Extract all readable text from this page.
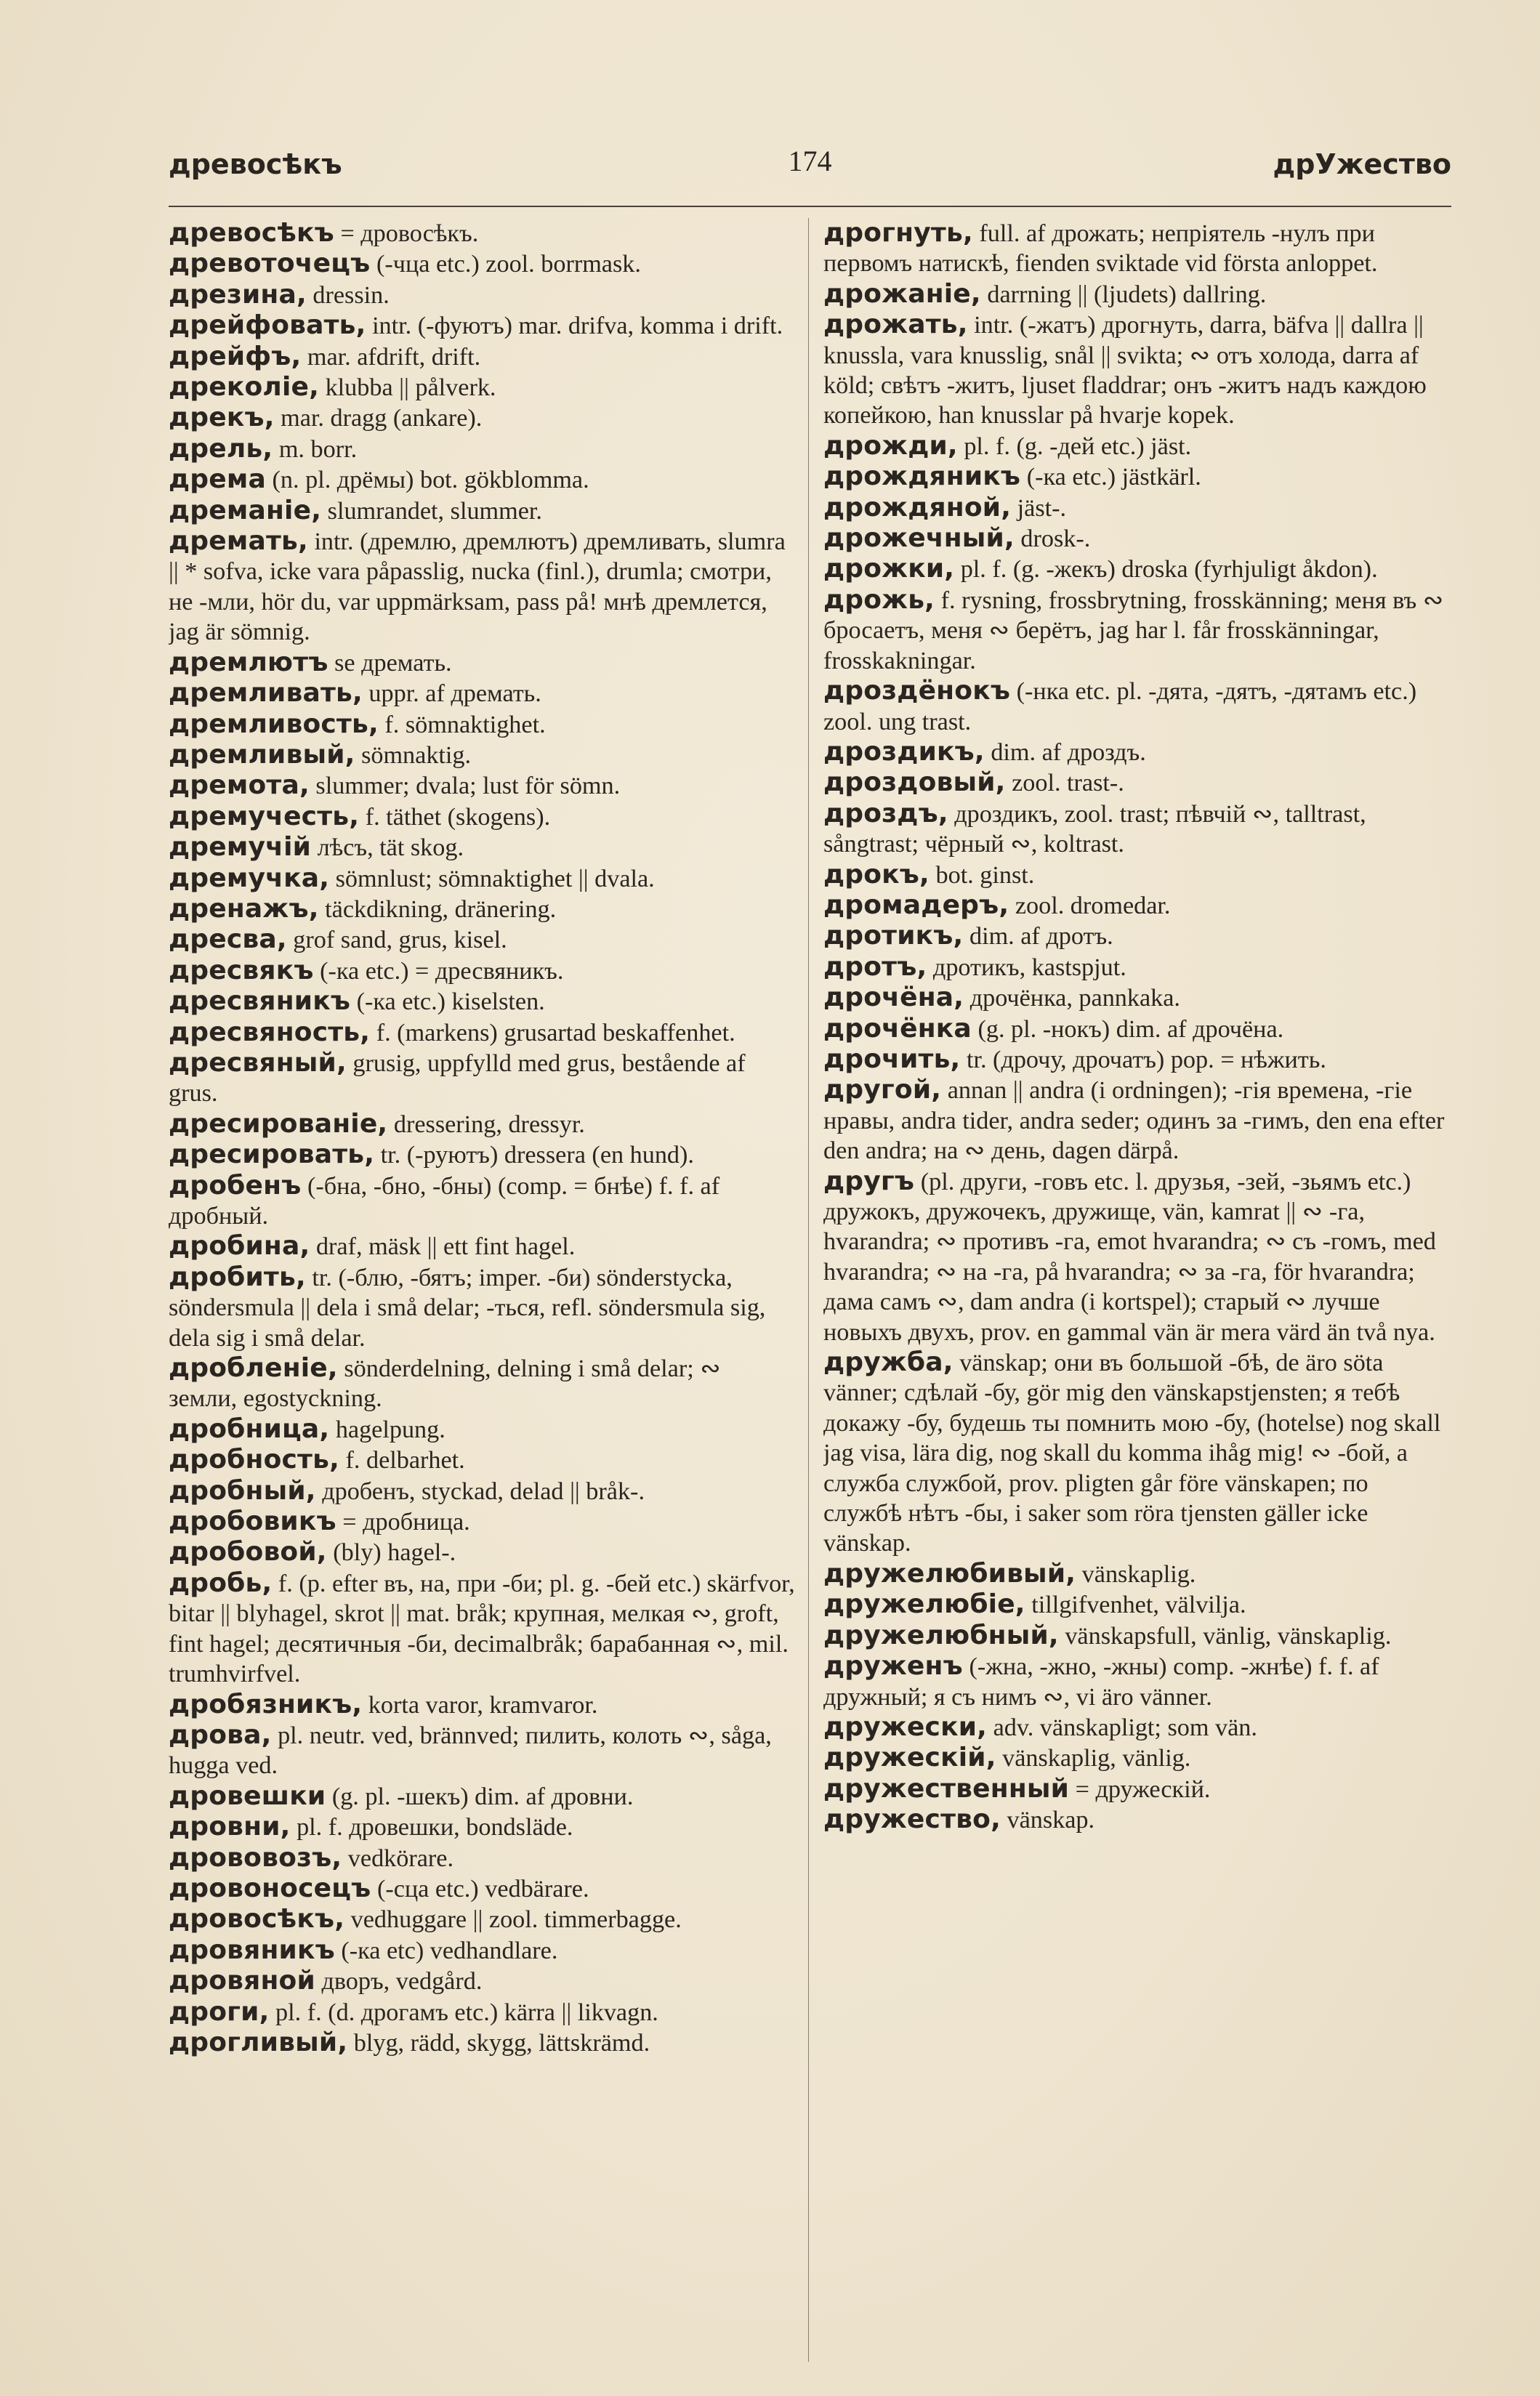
древосѣкъ	174	дрУжество

древосѣкъ = дровосѣкъ.

древоточецъ (-чца etc.) zool. borrmask.

дрезина, dressin.

дрейфовать, intr. (-фуютъ) mar. drifva, komma i drift.

дрейфъ, mar. afdrift, drift.

дреколіе, klubba || pålverk.

дрекъ, mar. dragg (ankare).

дрель, m. borr.

дрема (n. pl. дрёмы) bot. gökblomma.

дреманіе, slumrandet, slummer.

дремать, intr. (дремлю, дремлютъ) дремливать, slumra || * sofva, icke vara påpasslig, nucka (finl.), drumla; смотри, не -мли, hör du, var uppmärksam, pass på! мнѣ дремлется, jag är sömnig.

дремлютъ se дремать.

дремливать, uppr. af дремать.

дремливость, f. sömnaktighet.

дремливый, sömnaktig.

дремота, slummer; dvala; lust för sömn.

дремучесть, f. täthet (skogens).

дремучій лѣсъ, tät skog.

дремучка, sömnlust; sömnaktighet || dvala.

дренажъ, täckdikning, dränering.

дресва, grof sand, grus, kisel.

дресвякъ (-ка etc.) = дресвяникъ.

дресвяникъ (-ка etc.) kiselsten.

дресвяность, f. (markens) grusartad beskaffenhet.

дресвяный, grusig, uppfylld med grus, bestående af grus.

дресированіе, dressering, dressyr.

дресировать, tr. (-руютъ) dressera (en hund).

дробенъ (-бна, -бно, -бны) (comp. = бнѣе) f. f. af дробный.

дробина, draf, mäsk || ett fint hagel.

дробить, tr. (-блю, -бятъ; imper. -би) sönderstycka, söndersmula || dela i små delar; -ться, refl. söndersmula sig, dela sig i små delar.

дробленіе, sönderdelning, delning i små delar; ∾ земли, egostyckning.

дробница, hagelpung.

дробность, f. delbarhet.

дробный, дробенъ, styckad, delad || bråk-.

дробовикъ = дробница.

дробовой, (bly) hagel-.

дробь, f. (p. efter въ, на, при -би; pl. g. -бей etc.) skärfvor, bitar || blyhagel, skrot || mat. bråk; крупная, мелкая ∾, groft, fint hagel; десятичныя -би, decimalbråk; барабанная ∾, mil. trumhvirfvel.

дробязникъ, korta varor, kramvaror.

дрова, pl. neutr. ved, brännved; пилить, колоть ∾, såga, hugga ved.

дровешки (g. pl. -шекъ) dim. af дровни.

дровни, pl. f. дровешки, bondsläde.

дрововозъ, vedkörare.

дровоносецъ (-сца etc.) vedbärare.

дровосѣкъ, vedhuggare || zool. timmerbagge.

дровяникъ (-ка etc) vedhandlare.

дровяной дворъ, vedgård.

дроги, pl. f. (d. дрогамъ etc.) kärra || likvagn.

дрогливый, blyg, rädd, skygg, lättskrämd.

дрогнуть, full. af дрожать; непріятель -нулъ при первомъ натискѣ, fienden sviktade vid första anloppet.

дрожаніе, darrning || (ljudets) dallring.

дрожать, intr. (-жатъ) дрогнуть, darra, bäfva || dallra || knussla, vara knusslig, snål || svikta; ∾ отъ холода, darra af köld; свѣтъ -житъ, ljuset fladdrar; онъ -житъ надъ каждою копейкою, han knusslar på hvarje kopek.

дрожди, pl. f. (g. -дей etc.) jäst.

дрождяникъ (-ка etc.) jästkärl.

дрождяной, jäst-.

дрожечный, drosk-.

дрожки, pl. f. (g. -жекъ) droska (fyrhjuligt åkdon).

дрожь, f. rysning, frossbrytning, frosskänning; меня въ ∾ бросаетъ, меня ∾ берётъ, jag har l. får frosskänningar, frosskakningar.

дроздёнокъ (-нка etc. pl. -дята, -дятъ, -дятамъ etc.) zool. ung trast.

дроздикъ, dim. af дроздъ.

дроздовый, zool. trast-.

дроздъ, дроздикъ, zool. trast; пѣвчій ∾, talltrast, sångtrast; чёрный ∾, koltrast.

дрокъ, bot. ginst.

дромадеръ, zool. dromedar.

дротикъ, dim. af дротъ.

дротъ, дротикъ, kastspjut.

дрочёна, дрочёнка, pannkaka.

дрочёнка (g. pl. -нокъ) dim. af дрочёна.

дрочить, tr. (дрочу, дрочатъ) pop. = нѣжить.

другой, annan || andra (i ordningen); -гія времена, -гіе нравы, andra tider, andra seder; одинъ за -гимъ, den ena efter den andra; на ∾ день, dagen därpå.

другъ (pl. други, -говъ etc. l. друзья, -зей, -зьямъ etc.) дружокъ, дружочекъ, дружище, vän, kamrat || ∾ -га, hvarandra; ∾ противъ -га, emot hvarandra; ∾ съ -гомъ, med hvarandra; ∾ на -га, på hvarandra; ∾ за -га, för hvarandra; дама самъ ∾, dam andra (i kortspel); старый ∾ лучше новыхъ двухъ, prov. en gammal vän är mera värd än två nya.

дружба, vänskap; они въ большой -бѣ, de äro söta vänner; сдѣлай -бу, gör mig den vänskapstjensten; я тебѣ докажу -бу, будешь ты помнить мою -бу, (hotelse) nog skall jag visa, lära dig, nog skall du komma ihåg mig! ∾ -бой, а служба службой, prov. pligten går före vänskapen; по службѣ нѣтъ -бы, i saker som röra tjensten gäller icke vänskap.

дружелюбивый, vänskaplig.

дружелюбіе, tillgifvenhet, välvilja.

дружелюбный, vänskapsfull, vänlig, vänskaplig.

друженъ (-жна, -жно, -жны) comp. -жнѣе) f. f. af дружный; я съ нимъ ∾, vi äro vänner.

дружески, adv. vänskapligt; som vän.

дружескій, vänskaplig, vänlig.

дружественный = дружескій.

дружество, vänskap.
